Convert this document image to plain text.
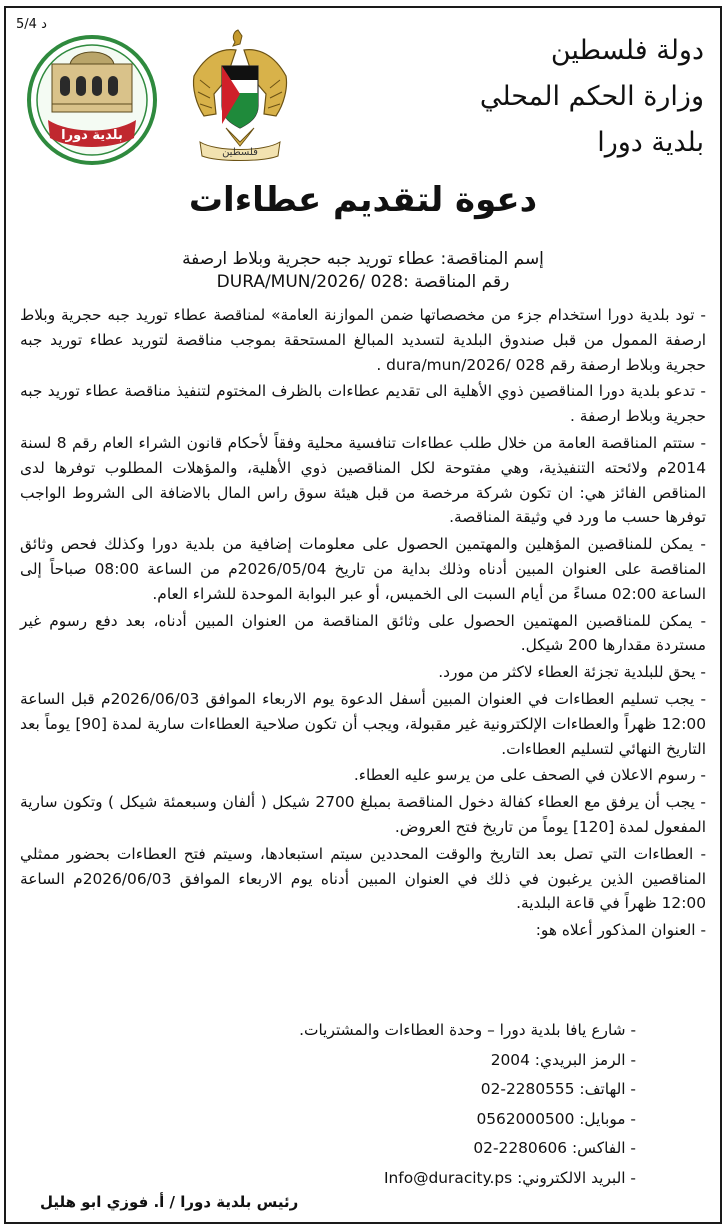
5/4 د
دولة فلسطين
وزارة الحكم المحلي
بلدية دورا
فلسطين
بلدية دورا
دعوة لتقديم عطاءات
إسم المناقصة: عطاء توريد جبه حجرية وبلاط ارصفة
رقم المناقصة :028 /DURA/MUN/2026

- تود بلدية دورا استخدام جزء من مخصصاتها ضمن الموازنة العامة» لمناقصة عطاء توريد جبه حجرية وبلاط ارصفة الممول من قبل صندوق البلدية لتسديد المبالغ المستحقة بموجب مناقصة لتوريد عطاء توريد جبه حجرية وبلاط ارصفة رقم 028 /dura/mun/2026 .

- تدعو بلدية دورا المناقصين ذوي الأهلية الى تقديم عطاءات بالظرف المختوم لتنفيذ مناقصة عطاء توريد جبه حجرية وبلاط ارصفة .

- ستتم المناقصة العامة من خلال طلب عطاءات تنافسية محلية وفقاً لأحكام قانون الشراء العام رقم 8 لسنة 2014م ولائحته التنفيذية، وهي مفتوحة لكل المناقصين ذوي الأهلية، والمؤهلات المطلوب توفرها لدى المناقص الفائز هي: ان تكون شركة مرخصة من قبل هيئة سوق راس المال بالاضافة الى الشروط الواجب توفرها حسب ما ورد في وثيقة المناقصة.

- يمكن للمناقصين المؤهلين والمهتمين الحصول على معلومات إضافية من بلدية دورا وكذلك فحص وثائق المناقصة على العنوان المبين أدناه وذلك بداية من تاريخ 2026/05/04م من الساعة 08:00 صباحاً إلى الساعة 02:00 مساءً من أيام السبت الى الخميس، أو عبر البوابة الموحدة للشراء العام.

- يمكن للمناقصين المهتمين الحصول على وثائق المناقصة من العنوان المبين أدناه، بعد دفع رسوم غير مستردة مقدارها 200 شيكل.

- يحق للبلدية تجزئة العطاء لاكثر من مورد.

- يجب تسليم العطاءات في العنوان المبين أسفل الدعوة يوم الاربعاء الموافق 2026/06/03م قبل الساعة 12:00 ظهراً والعطاءات الإلكترونية غير مقبولة، ويجب أن تكون صلاحية العطاءات سارية لمدة [90] يوماً بعد التاريخ النهائي لتسليم العطاءات.

- رسوم الاعلان في الصحف على من يرسو عليه العطاء.

- يجب أن يرفق مع العطاء كفالة دخول المناقصة بمبلغ 2700 شيكل ( ألفان وسبعمئة شيكل ) وتكون سارية المفعول لمدة [120] يوماً من تاريخ فتح العروض.

- العطاءات التي تصل بعد التاريخ والوقت المحددين سيتم استبعادها، وسيتم فتح العطاءات بحضور ممثلي المناقصين الذين يرغبون في ذلك في العنوان المبين أدناه يوم الاربعاء الموافق 2026/06/03م الساعة 12:00 ظهراً في قاعة البلدية.

- العنوان المذكور أعلاه هو:

- شارع يافا بلدية دورا – وحدة العطاءات والمشتريات.
- الرمز البريدي: 2004
- الهاتف: 2280555-02
- موبايل: 0562000500
- الفاكس: 2280606-02
- البريد الالكتروني: Info@duracity.ps
رئيس بلدية دورا / أ. فوزي ابو هليل
